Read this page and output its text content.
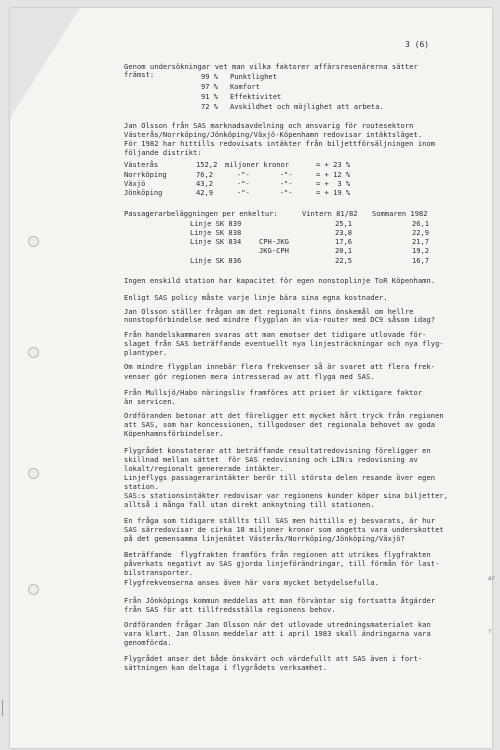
ar
r
3 (6)
Genom undersökningar vet man vilka faktorer affärsresenärerna sätter
främst:	99 % Punktlighet
97 % Komfort
91 % Effektivitet
72 % Avskildhet och möjlighet att arbeta.
Jan Olsson från SAS marknadsavdelning och ansvarig för routesektorn
Västerås/Norrköping/Jönköping/Växjö-Köpenhamn redovisar intäktsläget.
För 1982 har hittills redovisats intäkter från biljettförsäljningen inom
följande distrikt:
Västerås	152,2 miljoner kronor	= + 23 %
Norrköping	76,2	-"-       -"-	= + 12 %
Växjö	43,2	-"-       -"-	= +  3 %
Jönköping	42,9	-"-       -"-	= + 19 %
Passagerarbeläggningen per enkeltur:	Vintern 81/82 Sommaren 1982
Linje SK 839	25,1	26,1
Linje SK 838	23,8	22,9
Linje SK 834	CPH-JKG	17,6	21,7
JKG-CPH	20,1	19,2
Linje SK 836	22,5	16,7
Ingen enskild station har kapacitet för egen nonstoplinje ToR Köpenhamn.
Enligt SAS policy måste varje linje bära sina egna kostnader.
Jan Olsson ställer frågan om det regionalt finns önskemål om hellre
nonstopförbindelse med mindre flygplan än via-router med DC9 såsom idag?
Från handelskammaren svaras att man emotser det tidigare utlovade för-
slaget från SAS beträffande eventuellt nya linjesträckningar och nya flyg-
plantyper.
Om mindre flygplan innebär flera frekvenser så är svaret att flera frek-
venser gör regionen mera intresserad av att flyga med SAS.
Från Mullsjö/Habo näringsliv framföres att priset är viktigare faktor
än servicen.
Ordföranden betonar att det föreligger ett mycket hårt tryck från regionen
att SAS, som har koncessionen, tillgodoser det regionala behovet av goda
Köpenhamnsförbindelser.
Flygrådet konstaterar att beträffande resultatredovisning föreligger en
skillnad mellan sättet  för SAS redovisning och LIN:s redovisning av
lokalt/regionalt genererade intäkter.
Linjeflygs passagerarintäkter berör till största delen resande över egen
station.
SAS:s stationsintäkter redovisar var regionens kunder köper sina biljetter,
alltså i många fall utan direkt anknytning till stationen.
En fråga som tidigare ställts till SAS men hittills ej besvarats, är hur
SAS särredovisar de cirka 18 miljoner kronor som angetts vara underskottet
på det gemensamma linjenätet Västerås/Norrköping/Jönköping/Växjö?
Beträffande  flygfrakten framförs från regionen att utrikes flygfrakten
påverkats negativt av SAS gjorda linjeförändringar, till förmån för last-
bilstransporter.
Flygfrekvenserna anses även här vara mycket betydelsefulla.
Från Jönköpings kommun meddelas att man förväntar sig fortsatta åtgärder
från SAS för att tillfredsställa regionens behov.
Ordföranden frågar Jan Olsson när det utlovade utredningsmaterialet kan
vara klart. Jan Olsson meddelar att i april 1983 skall ändringarna vara
genomförda.
Flygrådet anser det både önskvärt och värdefullt att SAS även i fort-
sättningen kan deltaga i flygrådets verksamhet.
